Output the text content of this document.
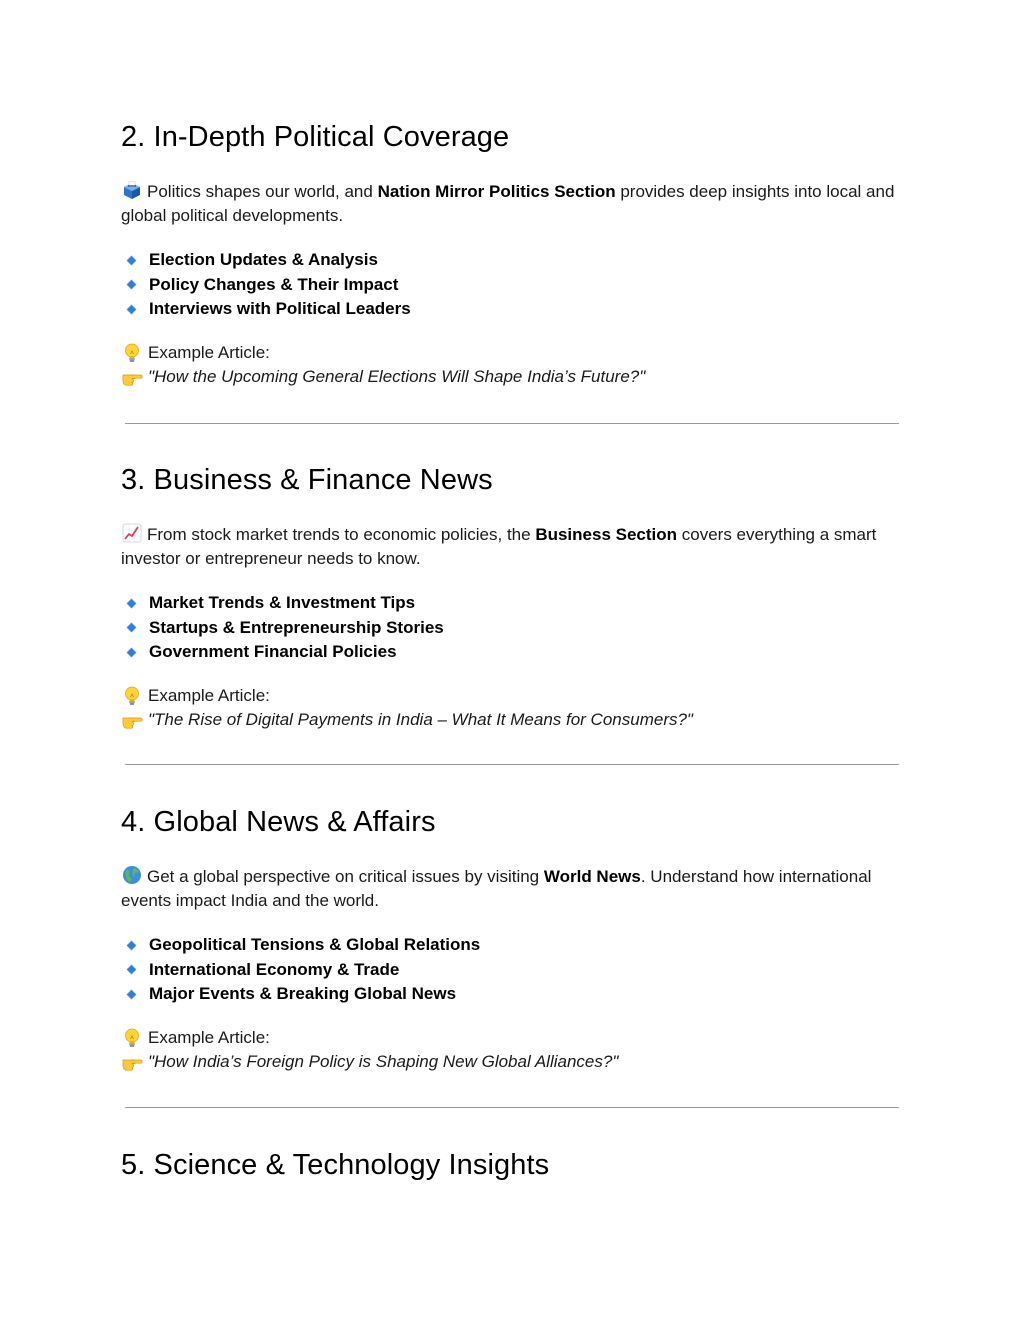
2. In-Depth Political Coverage

Politics shapes our world, and Nation Mirror Politics Section provides deep insights into local and global political developments.

Election Updates & Analysis
Policy Changes & Their Impact
Interviews with Political Leaders
Example Article:
"How the Upcoming General Elections Will Shape India’s Future?"
3. Business & Finance News

From stock market trends to economic policies, the Business Section covers everything a smart investor or entrepreneur needs to know.

Market Trends & Investment Tips
Startups & Entrepreneurship Stories
Government Financial Policies
Example Article:
"The Rise of Digital Payments in India – What It Means for Consumers?"
4. Global News & Affairs

Get a global perspective on critical issues by visiting World News. Understand how international events impact India and the world.

Geopolitical Tensions & Global Relations
International Economy & Trade
Major Events & Breaking Global News
Example Article:
"How India’s Foreign Policy is Shaping New Global Alliances?"
5. Science & Technology Insights
